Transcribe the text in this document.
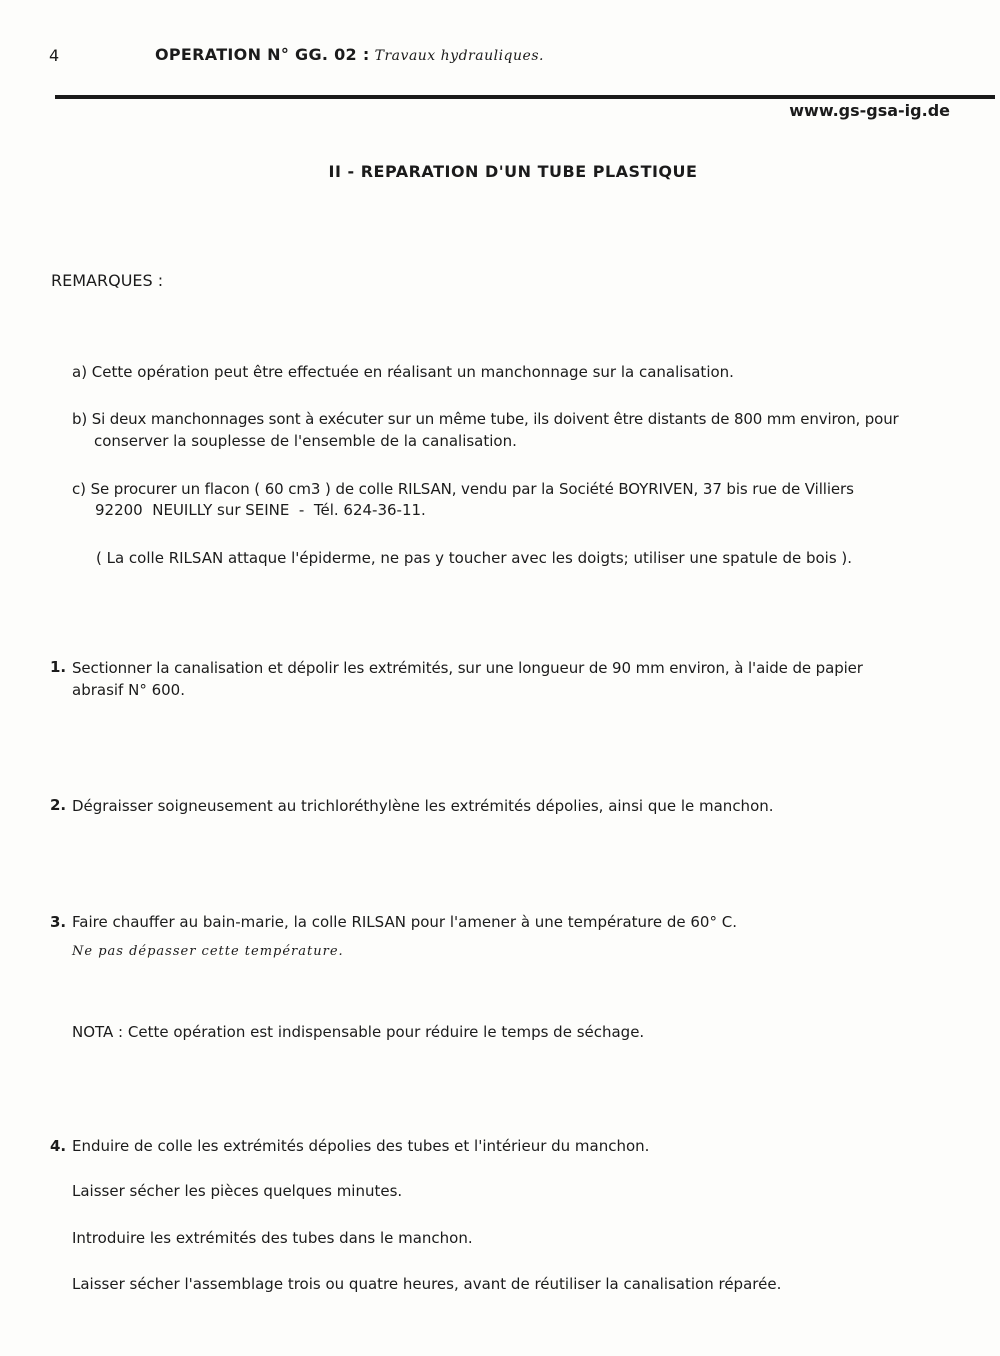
4	OPERATION N° GG. 02 : Travaux hydrauliques.
www.gs-gsa-ig.de
II - REPARATION D'UN TUBE PLASTIQUE
REMARQUES :
a) Cette opération peut être effectuée en réalisant un manchonnage sur la canalisation.
b) Si deux manchonnages sont à exécuter sur un même tube, ils doivent être distants de 800 mm environ, pour
conserver la souplesse de l'ensemble de la canalisation.
c) Se procurer un flacon ( 60 cm3 ) de colle RILSAN, vendu par la Société BOYRIVEN, 37 bis rue de Villiers
92200  NEUILLY sur SEINE  -  Tél. 624-36-11.
( La colle RILSAN attaque l'épiderme, ne pas y toucher avec les doigts; utiliser une spatule de bois ).
1. Sectionner la canalisation et dépolir les extrémités, sur une longueur de 90 mm environ, à l'aide de papier
abrasif N° 600.
2. Dégraisser soigneusement au trichloréthylène les extrémités dépolies, ainsi que le manchon.
3. Faire chauffer au bain-marie, la colle RILSAN pour l'amener à une température de 60° C.
Ne pas dépasser cette température.
NOTA : Cette opération est indispensable pour réduire le temps de séchage.
4. Enduire de colle les extrémités dépolies des tubes et l'intérieur du manchon.
Laisser sécher les pièces quelques minutes.
Introduire les extrémités des tubes dans le manchon.
Laisser sécher l'assemblage trois ou quatre heures, avant de réutiliser la canalisation réparée.
